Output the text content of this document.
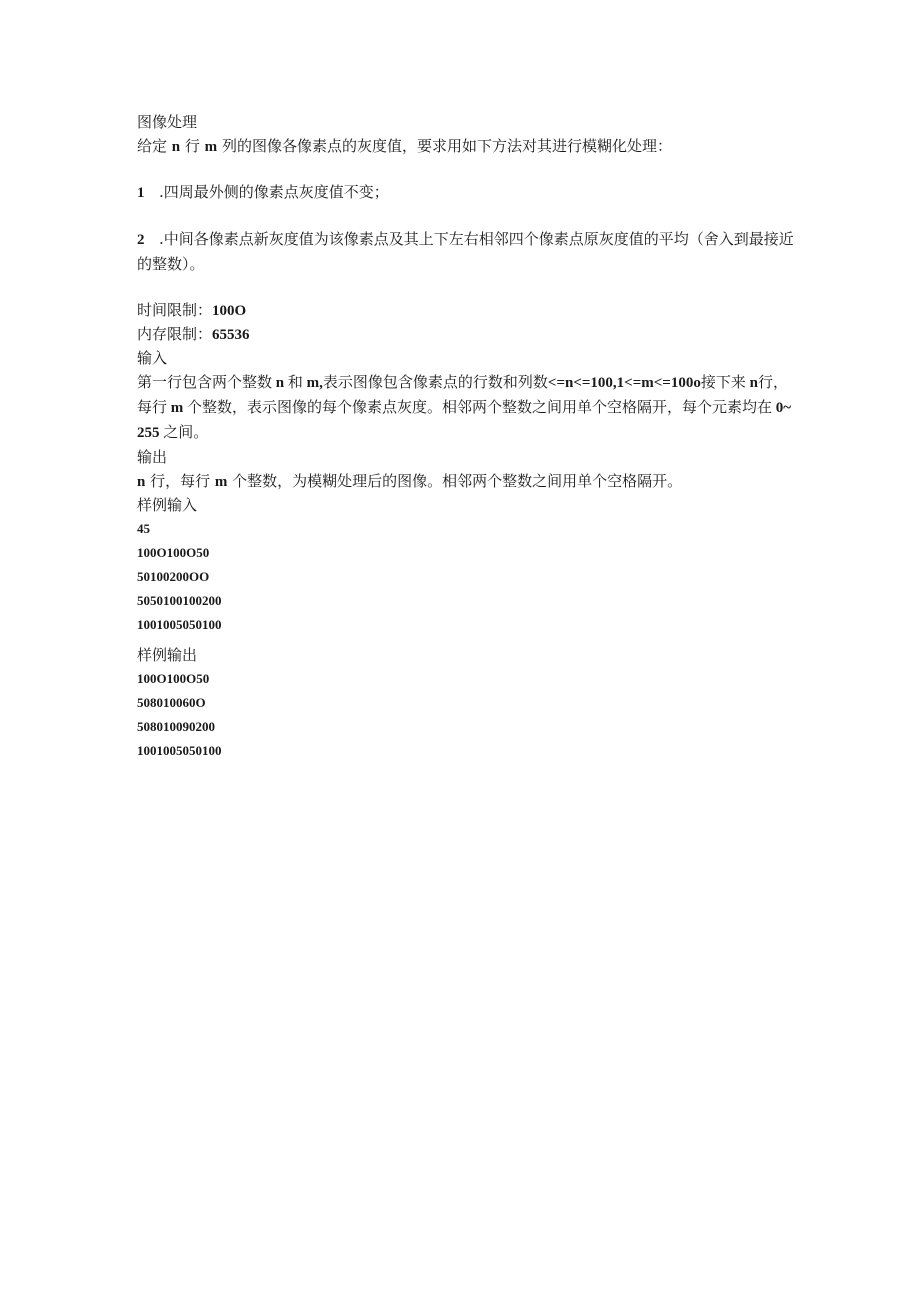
图像处理
给定 n 行 m 列的图像各像素点的灰度值，要求用如下方法对其进行模糊化处理：
1 .四周最外侧的像素点灰度值不变；
2 .中间各像素点新灰度值为该像素点及其上下左右相邻四个像素点原灰度值的平均（舍入到最接近的整数）。
时间限制：100O
内存限制：65536
输入
第一行包含两个整数 n 和 m,表示图像包含像素点的行数和列数<=n<=100,1<=m<=100o接下来 n行，每行 m 个整数，表示图像的每个像素点灰度。相邻两个整数之间用单个空格隔开，每个元素均在 0~255 之间。
输出
n 行，每行 m 个整数，为模糊处理后的图像。相邻两个整数之间用单个空格隔开。
样例输入
45
100O100O50
50100200OO
5050100100200
1001005050100
样例输出
100O100O50
508010060O
508010090200
1001005050100
